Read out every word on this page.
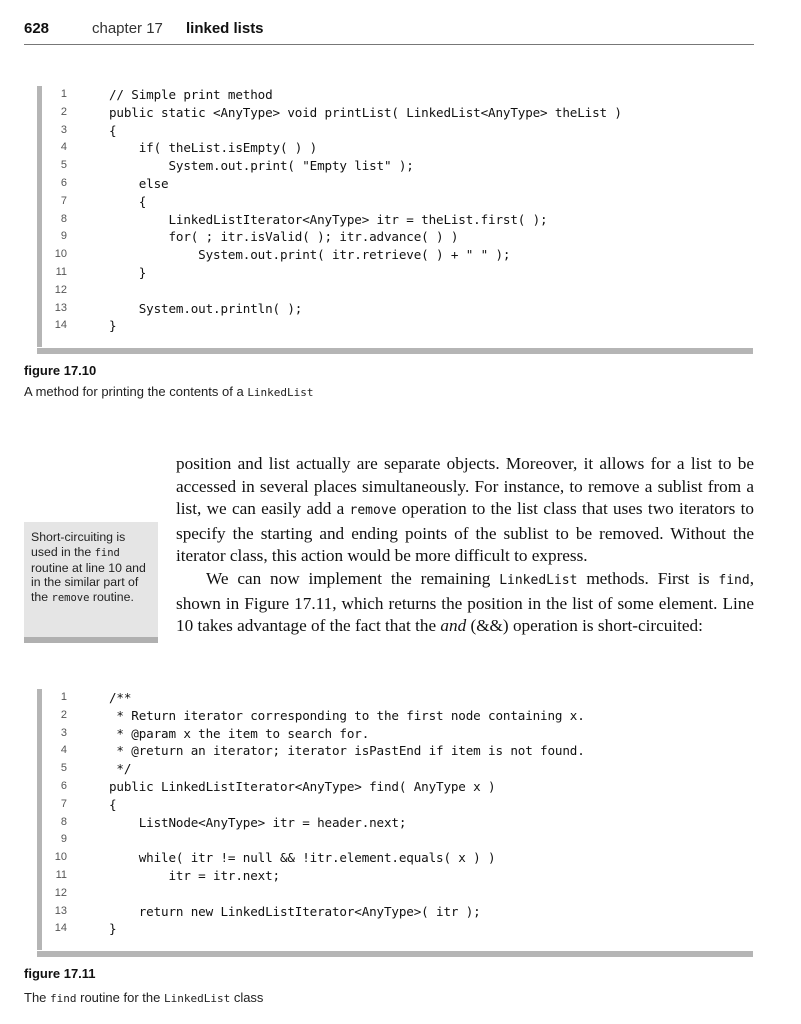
628	chapter 17 linked lists
1	// Simple print method
2	public static <AnyType> void printList( LinkedList<AnyType> theList )
3	{
4	if( theList.isEmpty( ) )
5	System.out.print( "Empty list" );
6	else
7	{
8	LinkedListIterator<AnyType> itr = theList.first( );
9	for( ; itr.isValid( ); itr.advance( ) )
10	System.out.print( itr.retrieve( ) + " " );
11	}
12
13	System.out.println( );
14	}
figure 17.10
A method for printing the contents of a LinkedList

position and list actually are separate objects. Moreover, it allows for a list to be accessed in several places simultaneously. For instance, to remove a sublist from a list, we can easily add a remove operation to the list class that uses two iterators to specify the starting and ending points of the sublist to be removed. Without the iterator class, this action would be more difficult to express.

We can now implement the remaining LinkedList methods. First is find, shown in Figure 17.11, which returns the position in the list of some element. Line 10 takes advantage of the fact that the and (&&) operation is short-circuited:

Short-circuiting is used in the find routine at line 10 and in the similar part of the remove routine.
1	/**
2	* Return iterator corresponding to the first node containing x.
3	* @param x the item to search for.
4	* @return an iterator; iterator isPastEnd if item is not found.
5	*/
6	public LinkedListIterator<AnyType> find( AnyType x )
7	{
8	ListNode<AnyType> itr = header.next;
9
10	while( itr != null && !itr.element.equals( x ) )
11	itr = itr.next;
12
13	return new LinkedListIterator<AnyType>( itr );
14	}
figure 17.11
The find routine for the LinkedList class
